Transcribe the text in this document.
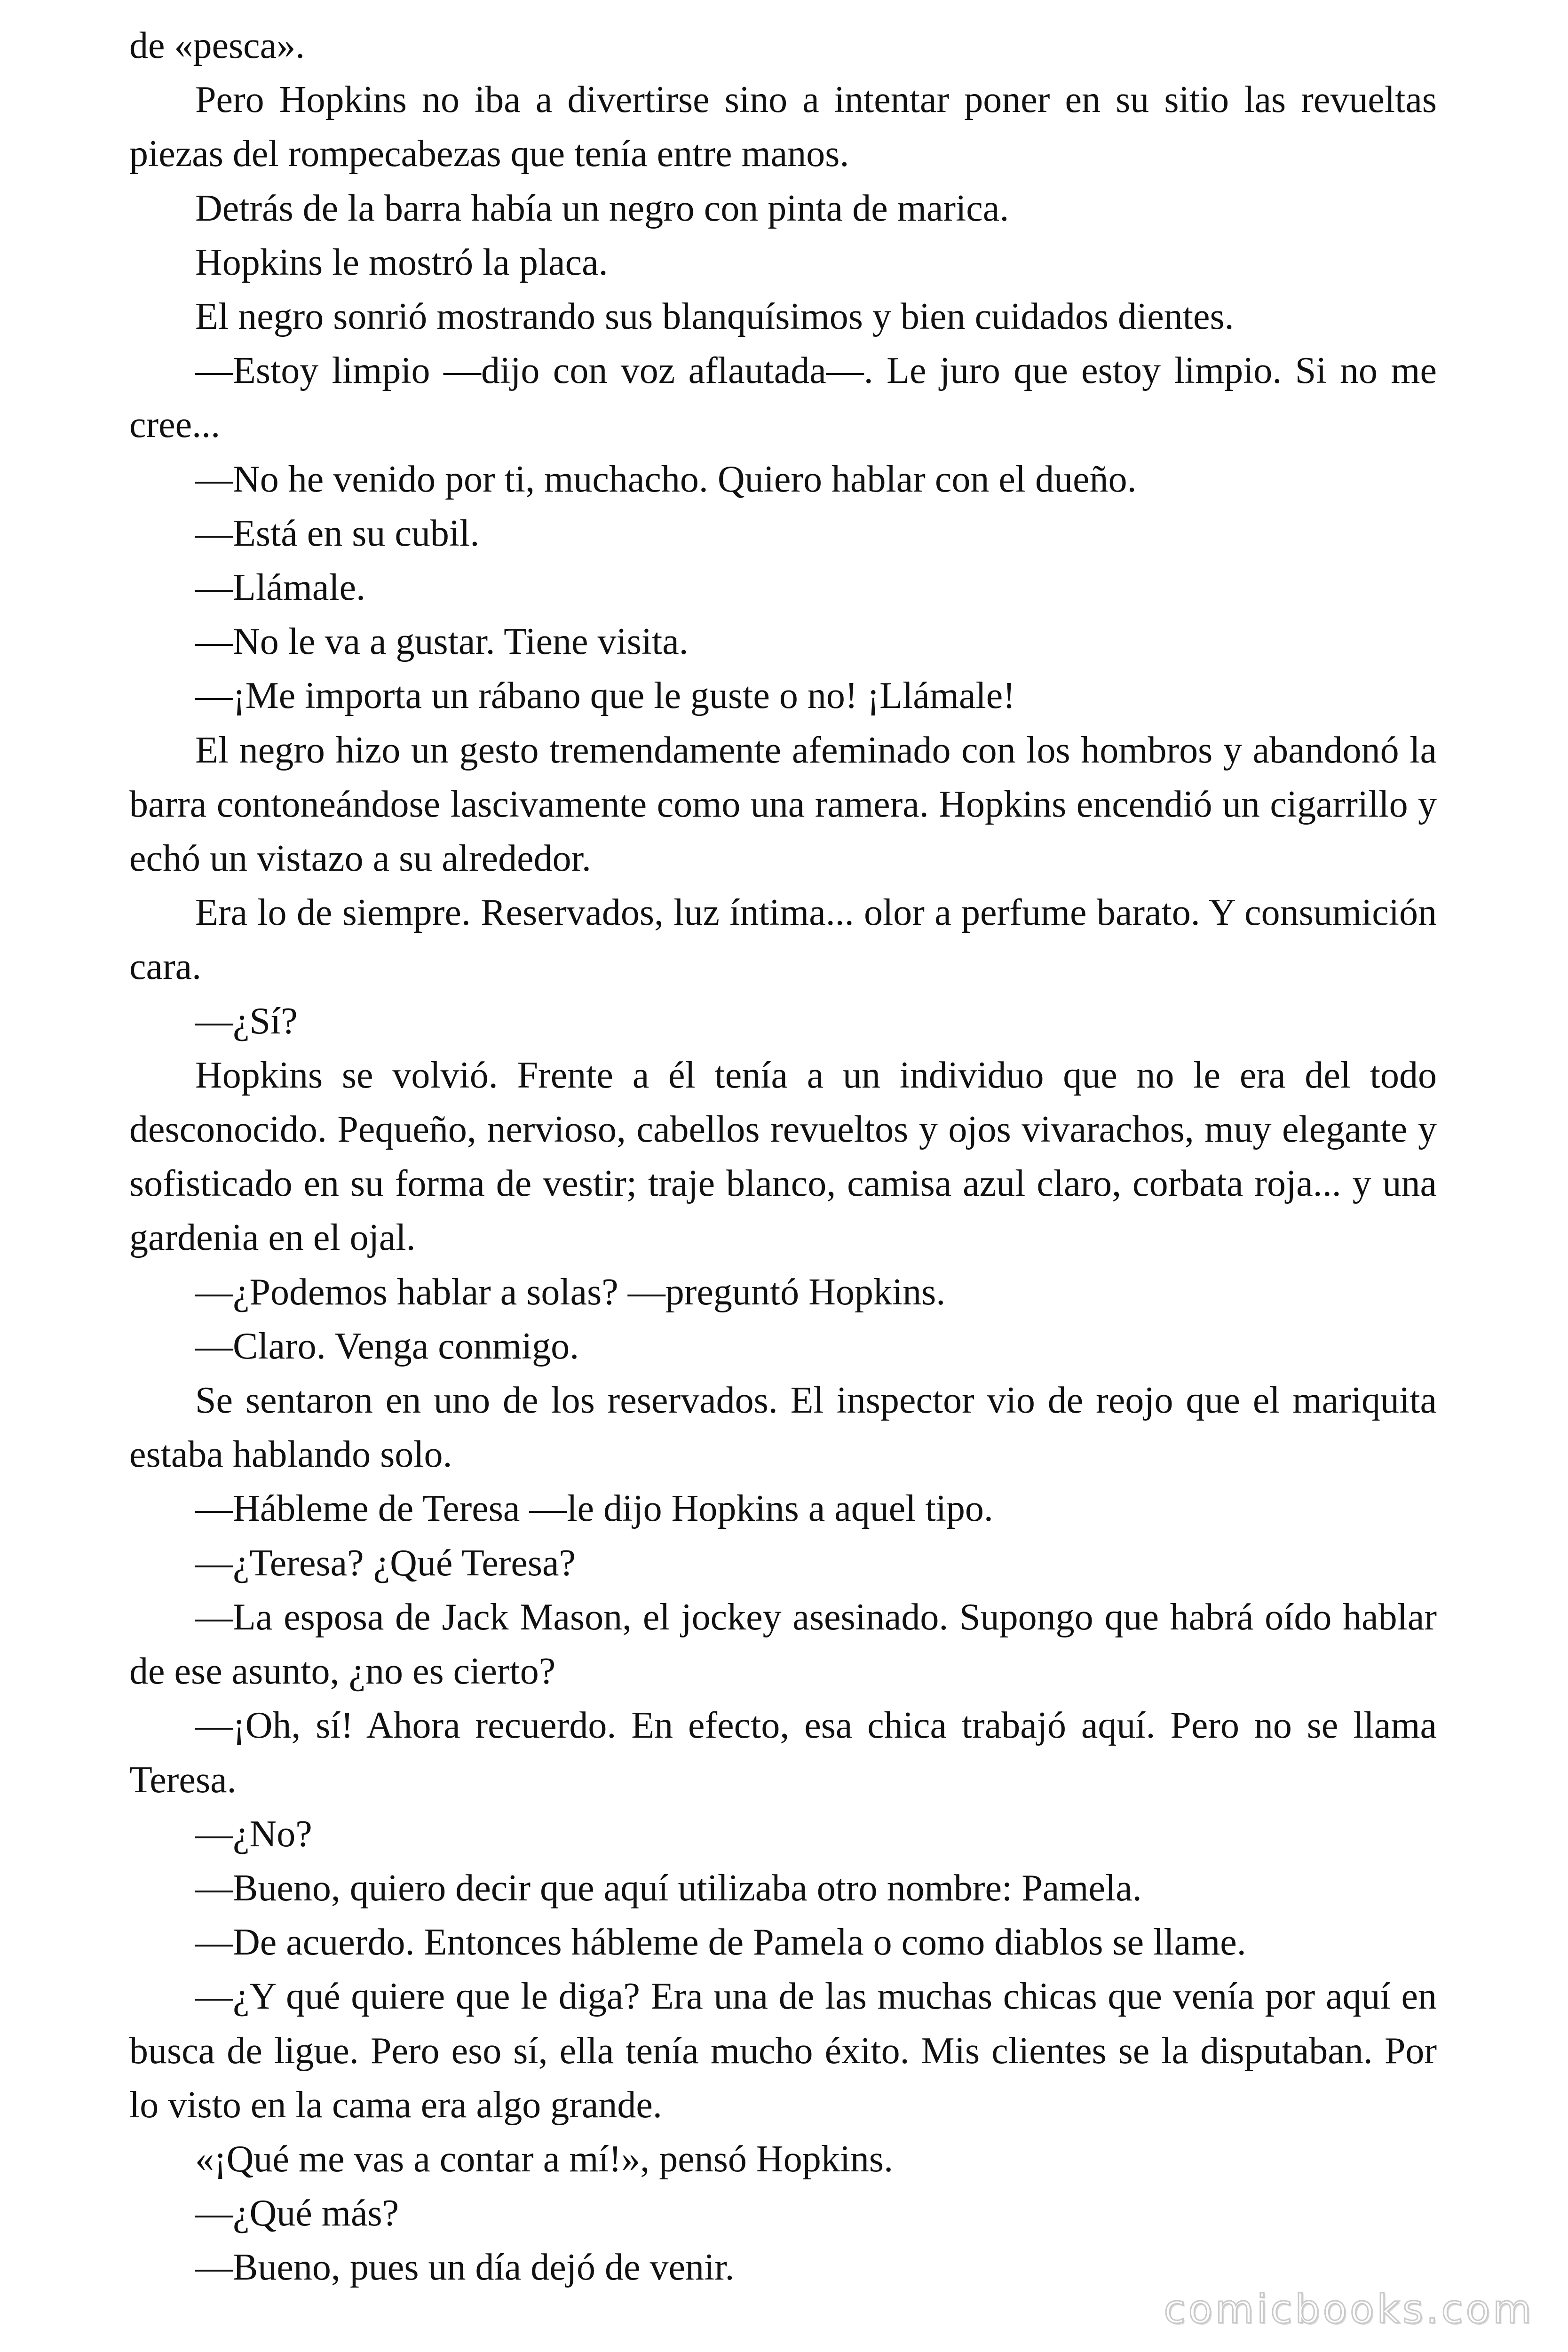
de «pesca».

Pero Hopkins no iba a divertirse sino a intentar poner en su sitio las revueltas piezas del rompecabezas que tenía entre manos.

Detrás de la barra había un negro con pinta de marica.

Hopkins le mostró la placa.

El negro sonrió mostrando sus blanquísimos y bien cuidados dientes.

—Estoy limpio —dijo con voz aflautada—. Le juro que estoy limpio. Si no me cree...

—No he venido por ti, muchacho. Quiero hablar con el dueño.

—Está en su cubil.

—Llámale.

—No le va a gustar. Tiene visita.

—¡Me importa un rábano que le guste o no! ¡Llámale!

El negro hizo un gesto tremendamente afeminado con los hombros y abandonó la barra contoneándose lascivamente como una ramera. Hopkins encendió un cigarrillo y echó un vistazo a su alrededor.

Era lo de siempre. Reservados, luz íntima... olor a perfume barato. Y consumición cara.

—¿Sí?

Hopkins se volvió. Frente a él tenía a un individuo que no le era del todo desconocido. Pequeño, nervioso, cabellos revueltos y ojos vivarachos, muy elegante y sofisticado en su forma de vestir; traje blanco, camisa azul claro, corbata roja... y una gardenia en el ojal.

—¿Podemos hablar a solas? —preguntó Hopkins.

—Claro. Venga conmigo.

Se sentaron en uno de los reservados. El inspector vio de reojo que el mariquita estaba hablando solo.

—Hábleme de Teresa —le dijo Hopkins a aquel tipo.

—¿Teresa? ¿Qué Teresa?

—La esposa de Jack Mason, el jockey asesinado. Supongo que habrá oído hablar de ese asunto, ¿no es cierto?

—¡Oh, sí! Ahora recuerdo. En efecto, esa chica trabajó aquí. Pero no se llama Teresa.

—¿No?

—Bueno, quiero decir que aquí utilizaba otro nombre: Pamela.

—De acuerdo. Entonces hábleme de Pamela o como diablos se llame.

—¿Y qué quiere que le diga? Era una de las muchas chicas que venía por aquí en busca de ligue. Pero eso sí, ella tenía mucho éxito. Mis clientes se la disputaban. Por lo visto en la cama era algo grande.

«¡Qué me vas a contar a mí!», pensó Hopkins.

—¿Qué más?

—Bueno, pues un día dejó de venir.

comicbooks.com
